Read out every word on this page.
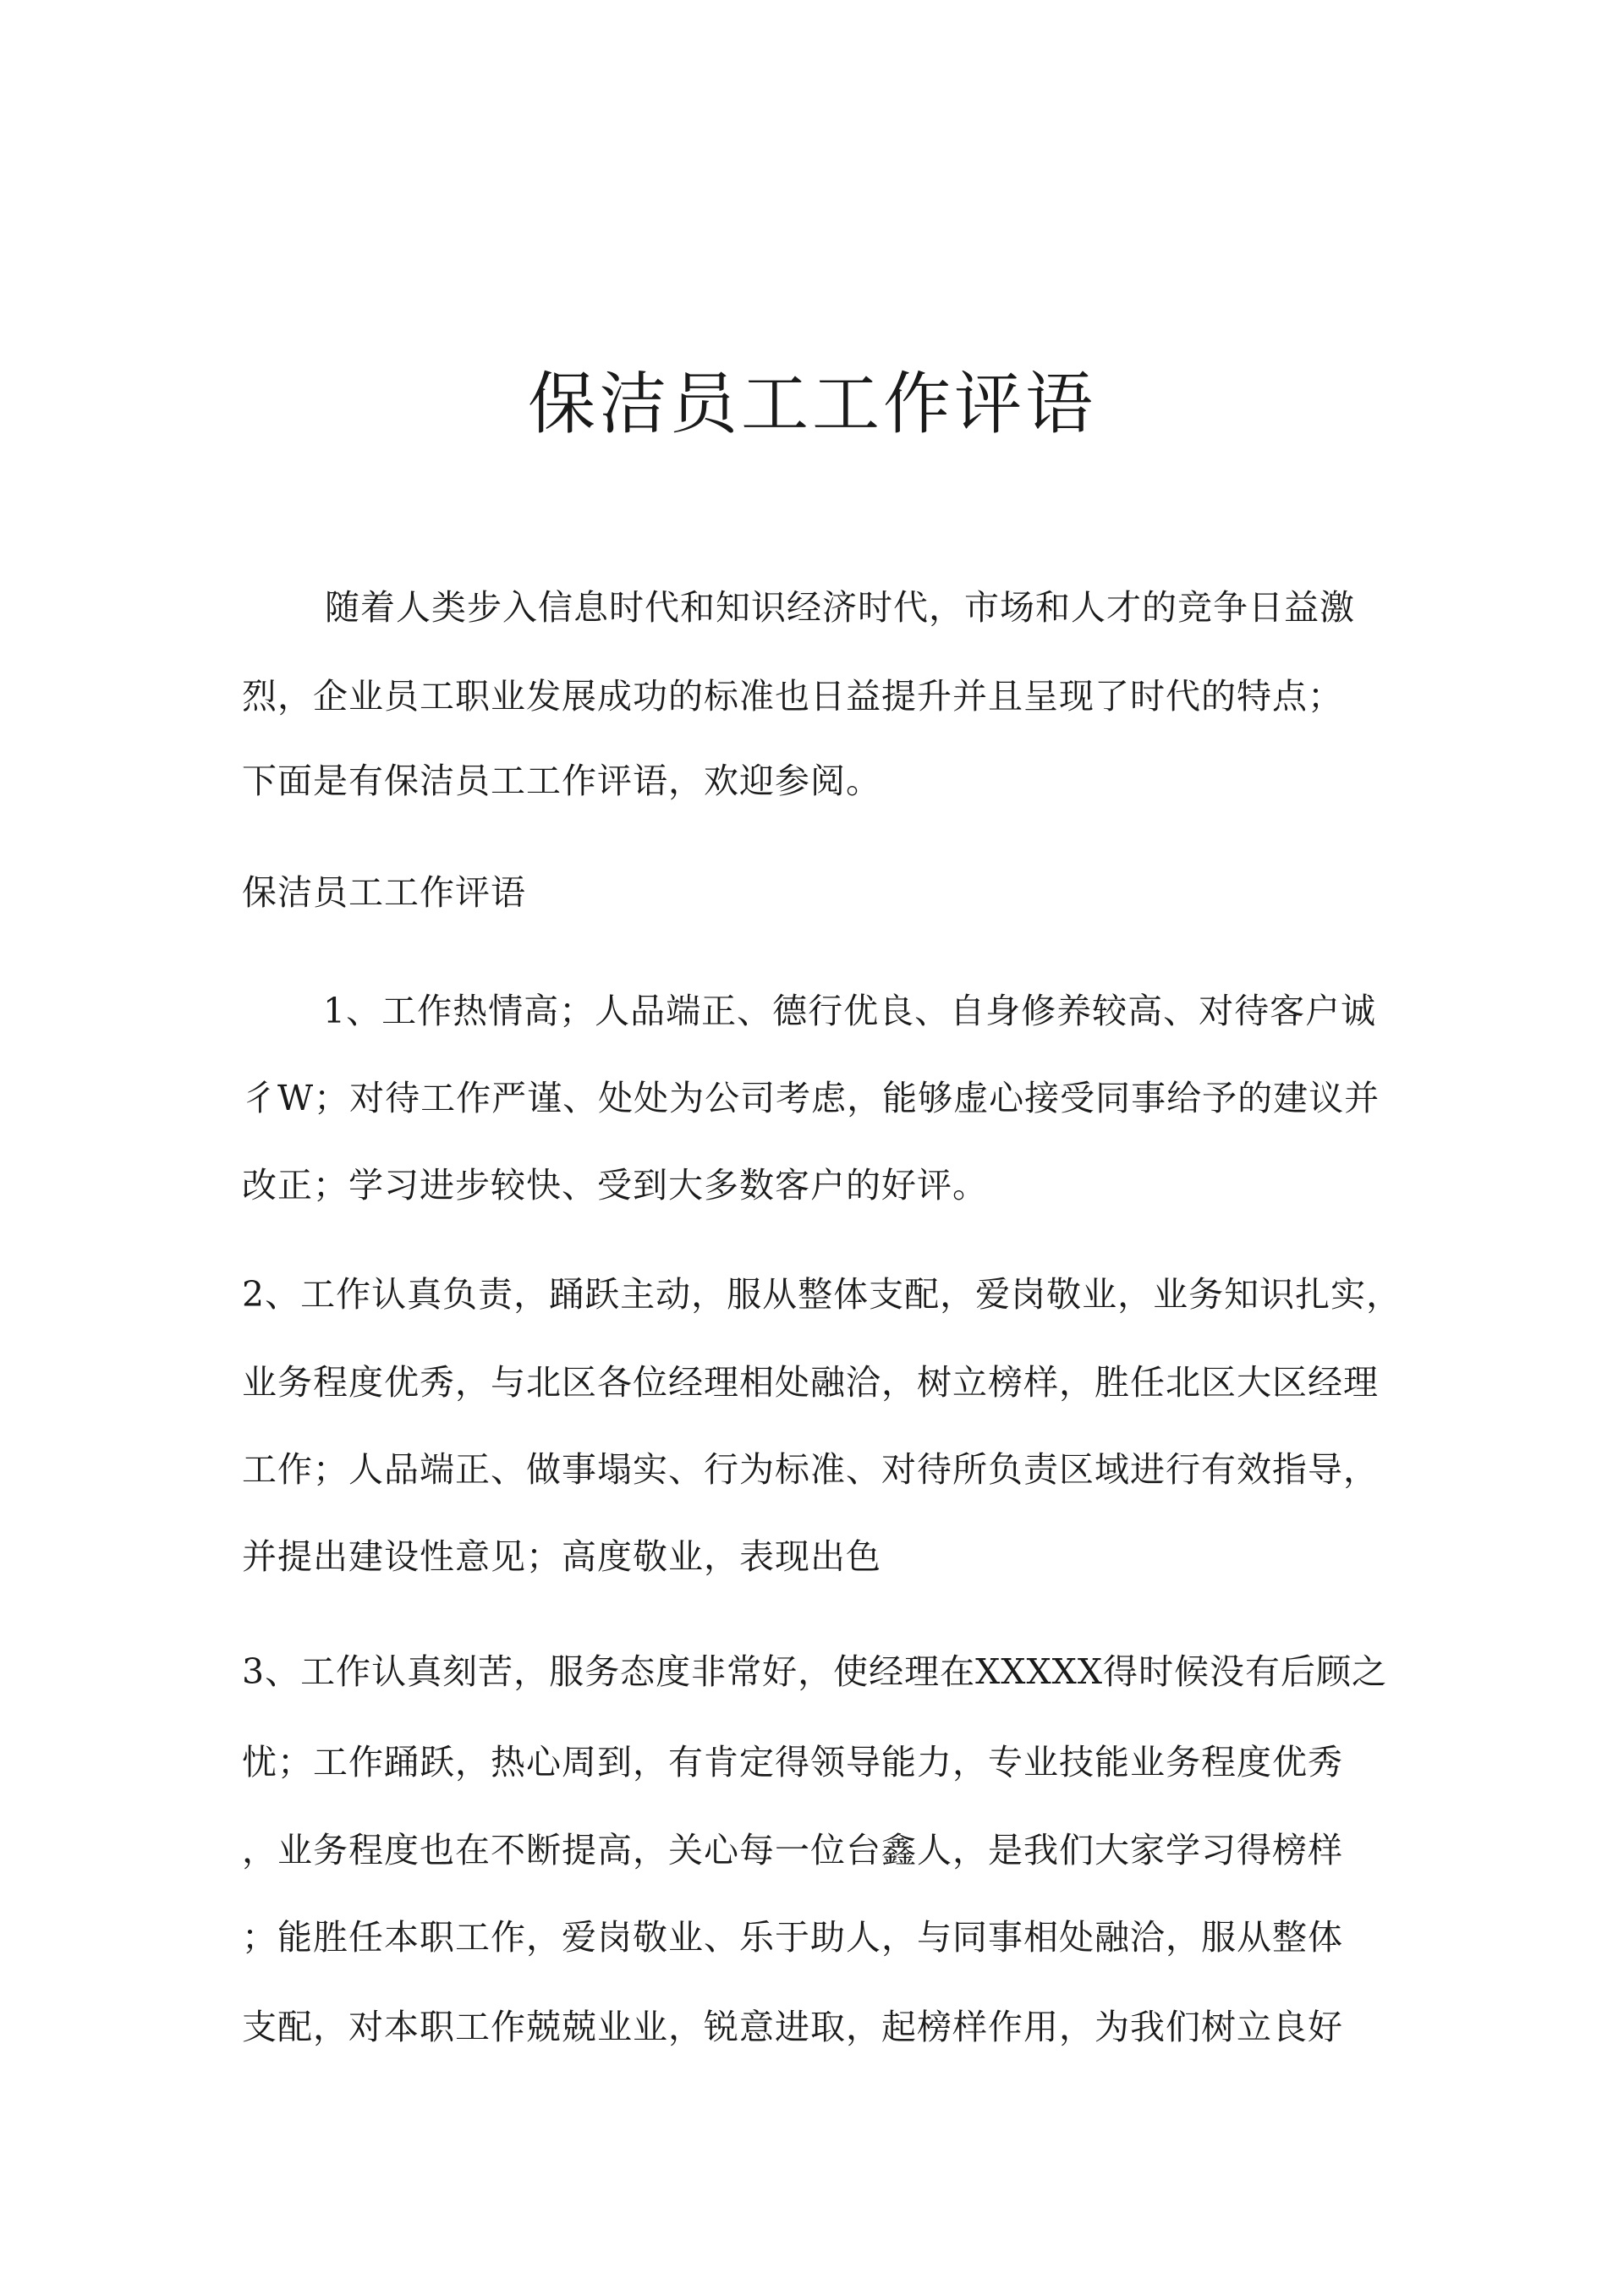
保洁员工工作评语

随着人类步入信息时代和知识经济时代，市场和人才的竞争日益激

烈，企业员工职业发展成功的标准也日益提升并且呈现了时代的特点；

下面是有保洁员工工作评语，欢迎参阅。

保洁员工工作评语

1、工作热情高；人品端正、德行优良、自身修养较高、对待客户诚

彳W；对待工作严谨、处处为公司考虑，能够虚心接受同事给予的建议并

改正；学习进步较快、受到大多数客户的好评。

2、工作认真负责，踊跃主动，服从整体支配，爱岗敬业，业务知识扎实，

业务程度优秀，与北区各位经理相处融洽，树立榜样，胜任北区大区经理

工作；人品端正、做事塌实、行为标准、对待所负责区域进行有效指导，

并提出建设性意见；高度敬业，表现出色

3、工作认真刻苦，服务态度非常好，使经理在XXXXX得时候没有后顾之

忧；工作踊跃，热心周到，有肯定得领导能力，专业技能业务程度优秀

，业务程度也在不断提高，关心每一位台鑫人，是我们大家学习得榜样

；能胜任本职工作，爱岗敬业、乐于助人，与同事相处融洽，服从整体

支配，对本职工作兢兢业业，锐意进取，起榜样作用，为我们树立良好
